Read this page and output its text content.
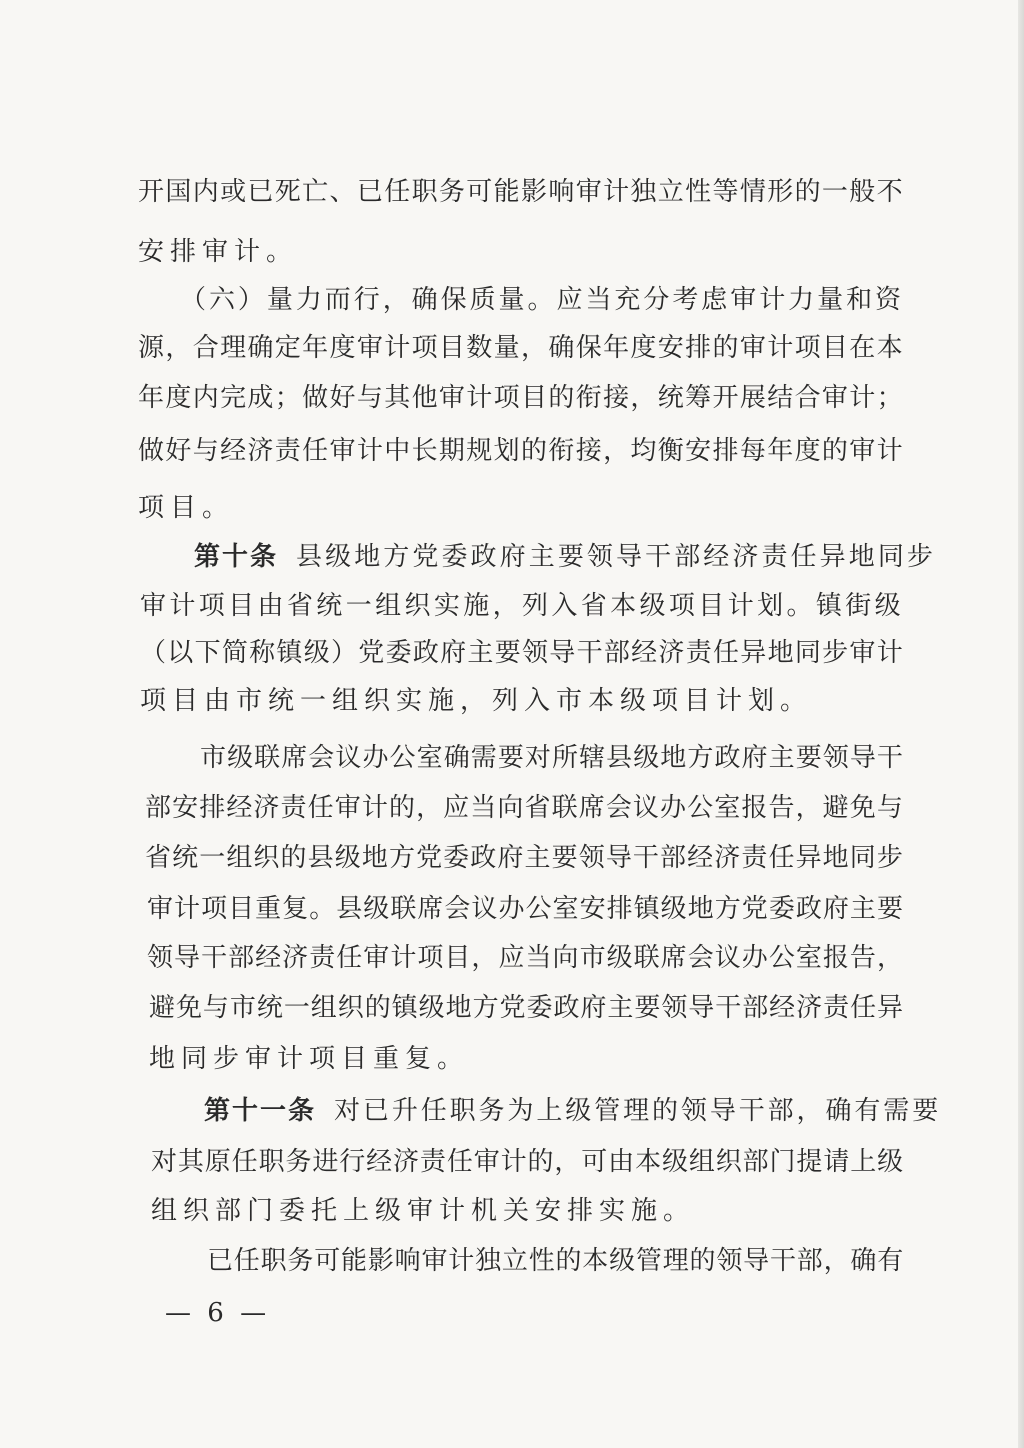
开国内或已死亡、已任职务可能影响审计独立性等情形的一般不
安排审计。
（六）量力而行，确保质量。应当充分考虑审计力量和资
源，合理确定年度审计项目数量，确保年度安排的审计项目在本
年度内完成；做好与其他审计项目的衔接，统筹开展结合审计；
做好与经济责任审计中长期规划的衔接，均衡安排每年度的审计
项目。
第十条 县级地方党委政府主要领导干部经济责任异地同步
审计项目由省统一组织实施，列入省本级项目计划。镇街级
（以下简称镇级）党委政府主要领导干部经济责任异地同步审计
项目由市统一组织实施，列入市本级项目计划。
市级联席会议办公室确需要对所辖县级地方政府主要领导干
部安排经济责任审计的，应当向省联席会议办公室报告，避免与
省统一组织的县级地方党委政府主要领导干部经济责任异地同步
审计项目重复。县级联席会议办公室安排镇级地方党委政府主要
领导干部经济责任审计项目，应当向市级联席会议办公室报告，
避免与市统一组织的镇级地方党委政府主要领导干部经济责任异
地同步审计项目重复。
第十一条 对已升任职务为上级管理的领导干部，确有需要
对其原任职务进行经济责任审计的，可由本级组织部门提请上级
组织部门委托上级审计机关安排实施。
已任职务可能影响审计独立性的本级管理的领导干部，确有
— 6 —
